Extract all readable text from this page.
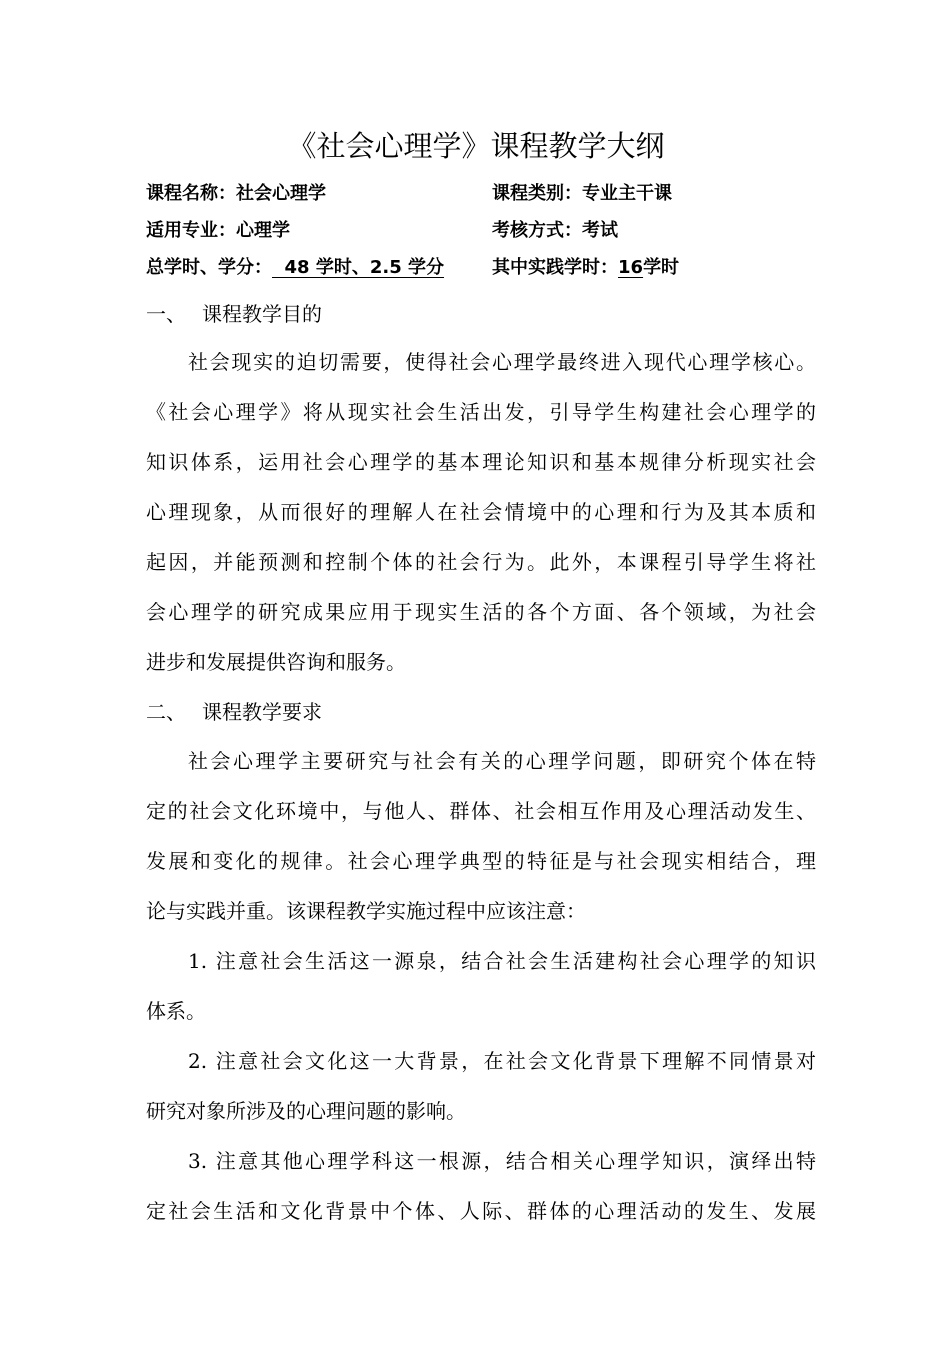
《社会心理学》课程教学大纲
课程名称：社会心理学	课程类别：专业主干课
适用专业：心理学	考核方式：考试
总学时、学分：  48 学时、2.5 学分	其中实践学时：16学时
一、 课程教学目的
社会现实的迫切需要，使得社会心理学最终进入现代心理学核心。
《社会心理学》将从现实社会生活出发，引导学生构建社会心理学的
知识体系，运用社会心理学的基本理论知识和基本规律分析现实社会
心理现象，从而很好的理解人在社会情境中的心理和行为及其本质和
起因，并能预测和控制个体的社会行为。此外，本课程引导学生将社
会心理学的研究成果应用于现实生活的各个方面、各个领域，为社会
进步和发展提供咨询和服务。
二、 课程教学要求
社会心理学主要研究与社会有关的心理学问题，即研究个体在特
定的社会文化环境中，与他人、群体、社会相互作用及心理活动发生、
发展和变化的规律。社会心理学典型的特征是与社会现实相结合，理
论与实践并重。该课程教学实施过程中应该注意：
1. 注意社会生活这一源泉，结合社会生活建构社会心理学的知识
体系。
2. 注意社会文化这一大背景，在社会文化背景下理解不同情景对
研究对象所涉及的心理问题的影响。
3. 注意其他心理学科这一根源，结合相关心理学知识，演绎出特
定社会生活和文化背景中个体、人际、群体的心理活动的发生、发展
